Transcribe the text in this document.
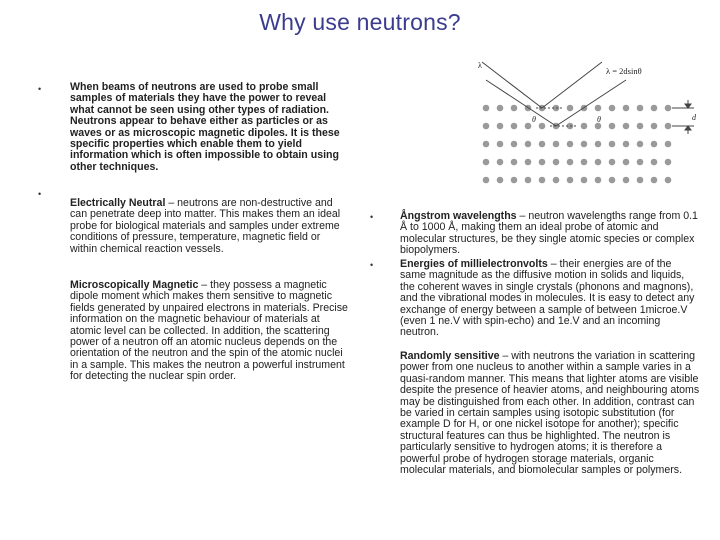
Why use neutrons?
•	When beams of neutrons are used to probe small samples of materials they have the power to reveal what cannot be seen using other types of radiation. Neutrons appear to behave either as particles or as waves or as microscopic magnetic dipoles. It is these specific properties which enable them to yield information which is often impossible to obtain using other techniques.
•
Electrically Neutral – neutrons are non-destructive and can penetrate deep into matter. This makes them an ideal probe for biological materials and samples under extreme conditions of pressure, temperature, magnetic field or within chemical reaction vessels.
Microscopically Magnetic – they possess a magnetic dipole moment which makes them sensitive to magnetic fields generated by unpaired electrons in materials. Precise information on the magnetic behaviour of materials at atomic level can be collected. In addition, the scattering power of a neutron off an atomic nucleus depends on the orientation of the neutron and the spin of the atomic nuclei in a sample. This makes the neutron a powerful instrument for detecting the nuclear spin order.
λ = 2dsinθ
λ
θ	θ	d
•	Ångstrom wavelengths – neutron wavelengths range from 0.1 Å to 1000 Å, making them an ideal probe of atomic and molecular structures, be they single atomic species or complex biopolymers.
•	Energies of millielectronvolts – their energies are of the same magnitude as the diffusive motion in solids and liquids, the coherent waves in single crystals (phonons and magnons), and the vibrational modes in molecules. It is easy to detect any exchange of energy between a sample of between 1microe.V (even 1 ne.V with spin-echo) and 1e.V and an incoming neutron.
Randomly sensitive – with neutrons the variation in scattering power from one nucleus to another within a sample varies in a quasi-random manner. This means that lighter atoms are visible despite the presence of heavier atoms, and neighbouring atoms may be distinguished from each other. In addition, contrast can be varied in certain samples using isotopic substitution (for example D for H, or one nickel isotope for another); specific structural features can thus be highlighted. The neutron is particularly sensitive to hydrogen atoms; it is therefore a powerful probe of hydrogen storage materials, organic molecular materials, and biomolecular samples or polymers.
